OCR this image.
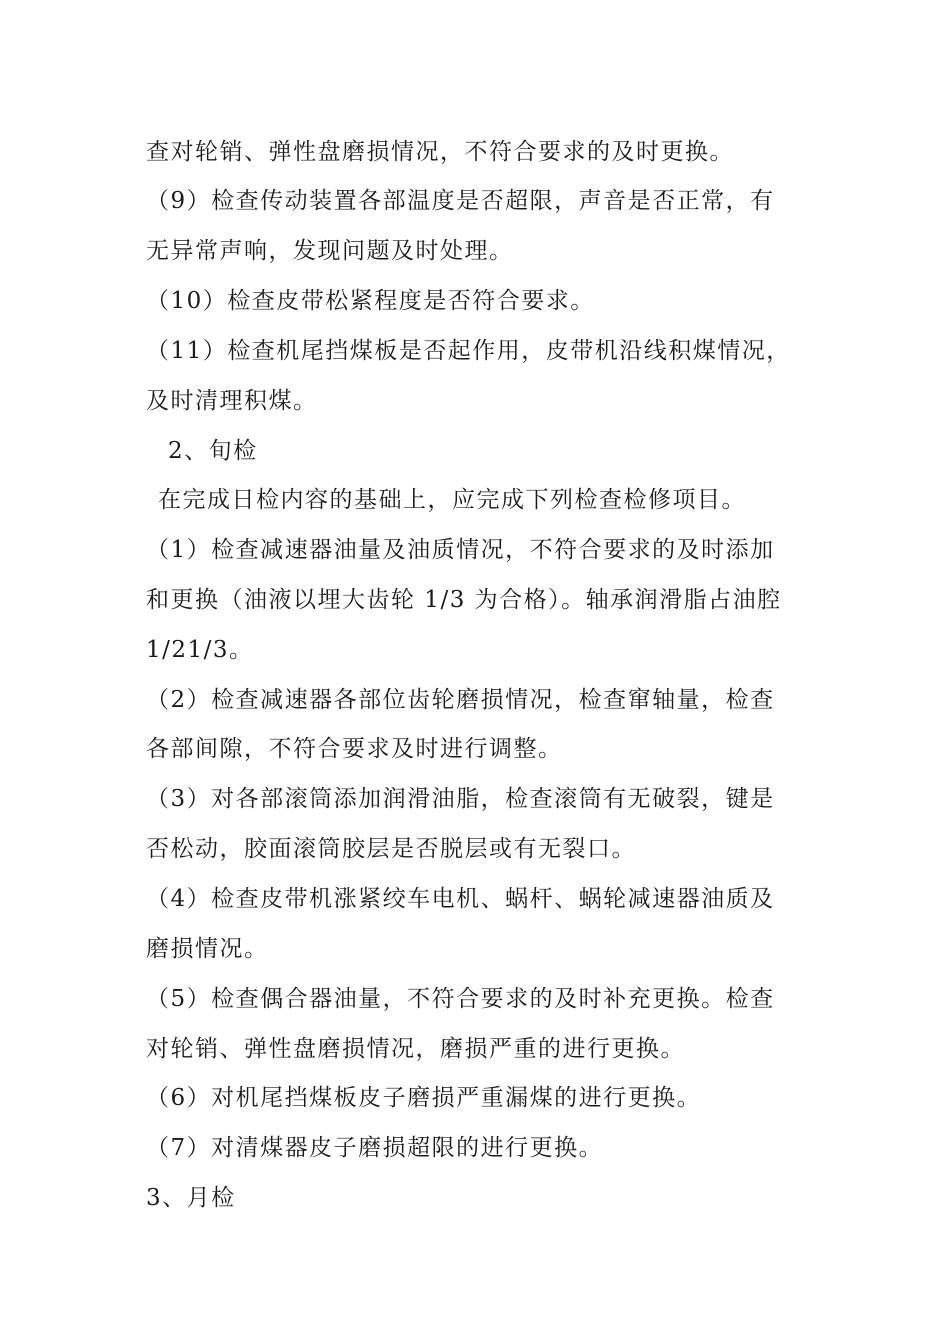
查对轮销、弹性盘磨损情况，不符合要求的及时更换。
（9）检查传动装置各部温度是否超限，声音是否正常，有
无异常声响，发现问题及时处理。
（10）检查皮带松紧程度是否符合要求。
（11）检查机尾挡煤板是否起作用，皮带机沿线积煤情况，
及时清理积煤。
2、旬检
在完成日检内容的基础上，应完成下列检查检修项目。
（1）检查减速器油量及油质情况，不符合要求的及时添加
和更换（油液以埋大齿轮 1/3 为合格）。轴承润滑脂占油腔
1/21/3。
（2）检查减速器各部位齿轮磨损情况，检查窜轴量，检查
各部间隙，不符合要求及时进行调整。
（3）对各部滚筒添加润滑油脂，检查滚筒有无破裂，键是
否松动，胶面滚筒胶层是否脱层或有无裂口。
（4）检查皮带机涨紧绞车电机、蜗杆、蜗轮减速器油质及
磨损情况。
（5）检查偶合器油量，不符合要求的及时补充更换。检查
对轮销、弹性盘磨损情况，磨损严重的进行更换。
（6）对机尾挡煤板皮子磨损严重漏煤的进行更换。
（7）对清煤器皮子磨损超限的进行更换。
3、月检
